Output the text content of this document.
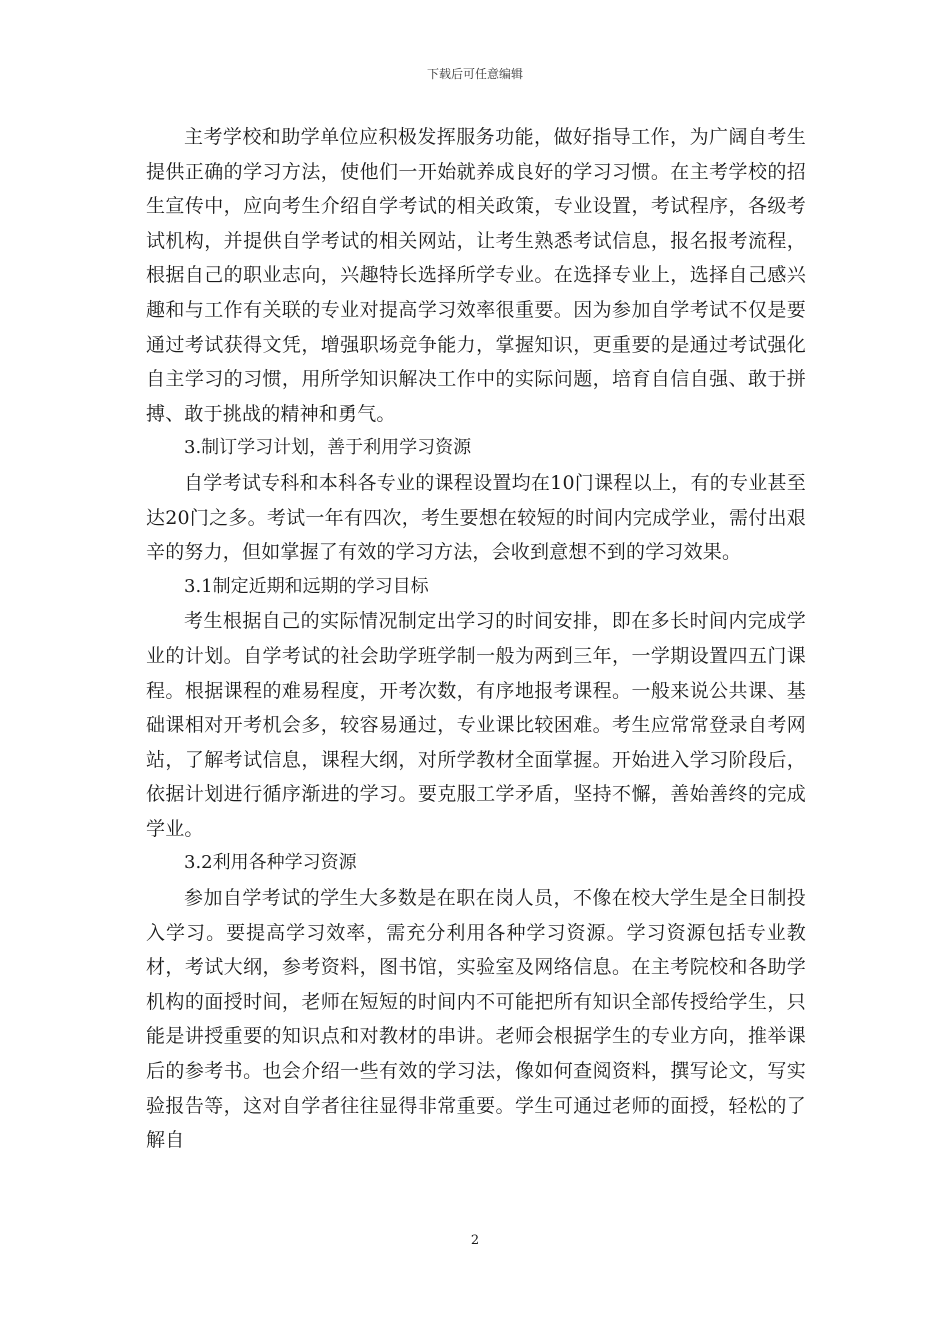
下载后可任意编辑

主考学校和助学单位应积极发挥服务功能，做好指导工作，为广阔自考生提供正确的学习方法，使他们一开始就养成良好的学习习惯。在主考学校的招生宣传中，应向考生介绍自学考试的相关政策，专业设置，考试程序，各级考试机构，并提供自学考试的相关网站，让考生熟悉考试信息，报名报考流程，根据自己的职业志向，兴趣特长选择所学专业。在选择专业上，选择自己感兴趣和与工作有关联的专业对提高学习效率很重要。因为参加自学考试不仅是要通过考试获得文凭，增强职场竞争能力，掌握知识，更重要的是通过考试强化自主学习的习惯，用所学知识解决工作中的实际问题，培育自信自强、敢于拼搏、敢于挑战的精神和勇气。

3.制订学习计划，善于利用学习资源

自学考试专科和本科各专业的课程设置均在10门课程以上，有的专业甚至达20门之多。考试一年有四次，考生要想在较短的时间内完成学业，需付出艰辛的努力，但如掌握了有效的学习方法，会收到意想不到的学习效果。

3.1制定近期和远期的学习目标

考生根据自己的实际情况制定出学习的时间安排，即在多长时间内完成学业的计划。自学考试的社会助学班学制一般为两到三年，一学期设置四五门课程。根据课程的难易程度，开考次数，有序地报考课程。一般来说公共课、基础课相对开考机会多，较容易通过，专业课比较困难。考生应常常登录自考网站，了解考试信息，课程大纲，对所学教材全面掌握。开始进入学习阶段后，依据计划进行循序渐进的学习。要克服工学矛盾，坚持不懈，善始善终的完成学业。

3.2利用各种学习资源

参加自学考试的学生大多数是在职在岗人员，不像在校大学生是全日制投入学习。要提高学习效率，需充分利用各种学习资源。学习资源包括专业教材，考试大纲，参考资料，图书馆，实验室及网络信息。在主考院校和各助学机构的面授时间，老师在短短的时间内不可能把所有知识全部传授给学生，只能是讲授重要的知识点和对教材的串讲。老师会根据学生的专业方向，推举课后的参考书。也会介绍一些有效的学习法，像如何查阅资料，撰写论文，写实验报告等，这对自学者往往显得非常重要。学生可通过老师的面授，轻松的了解自

2
